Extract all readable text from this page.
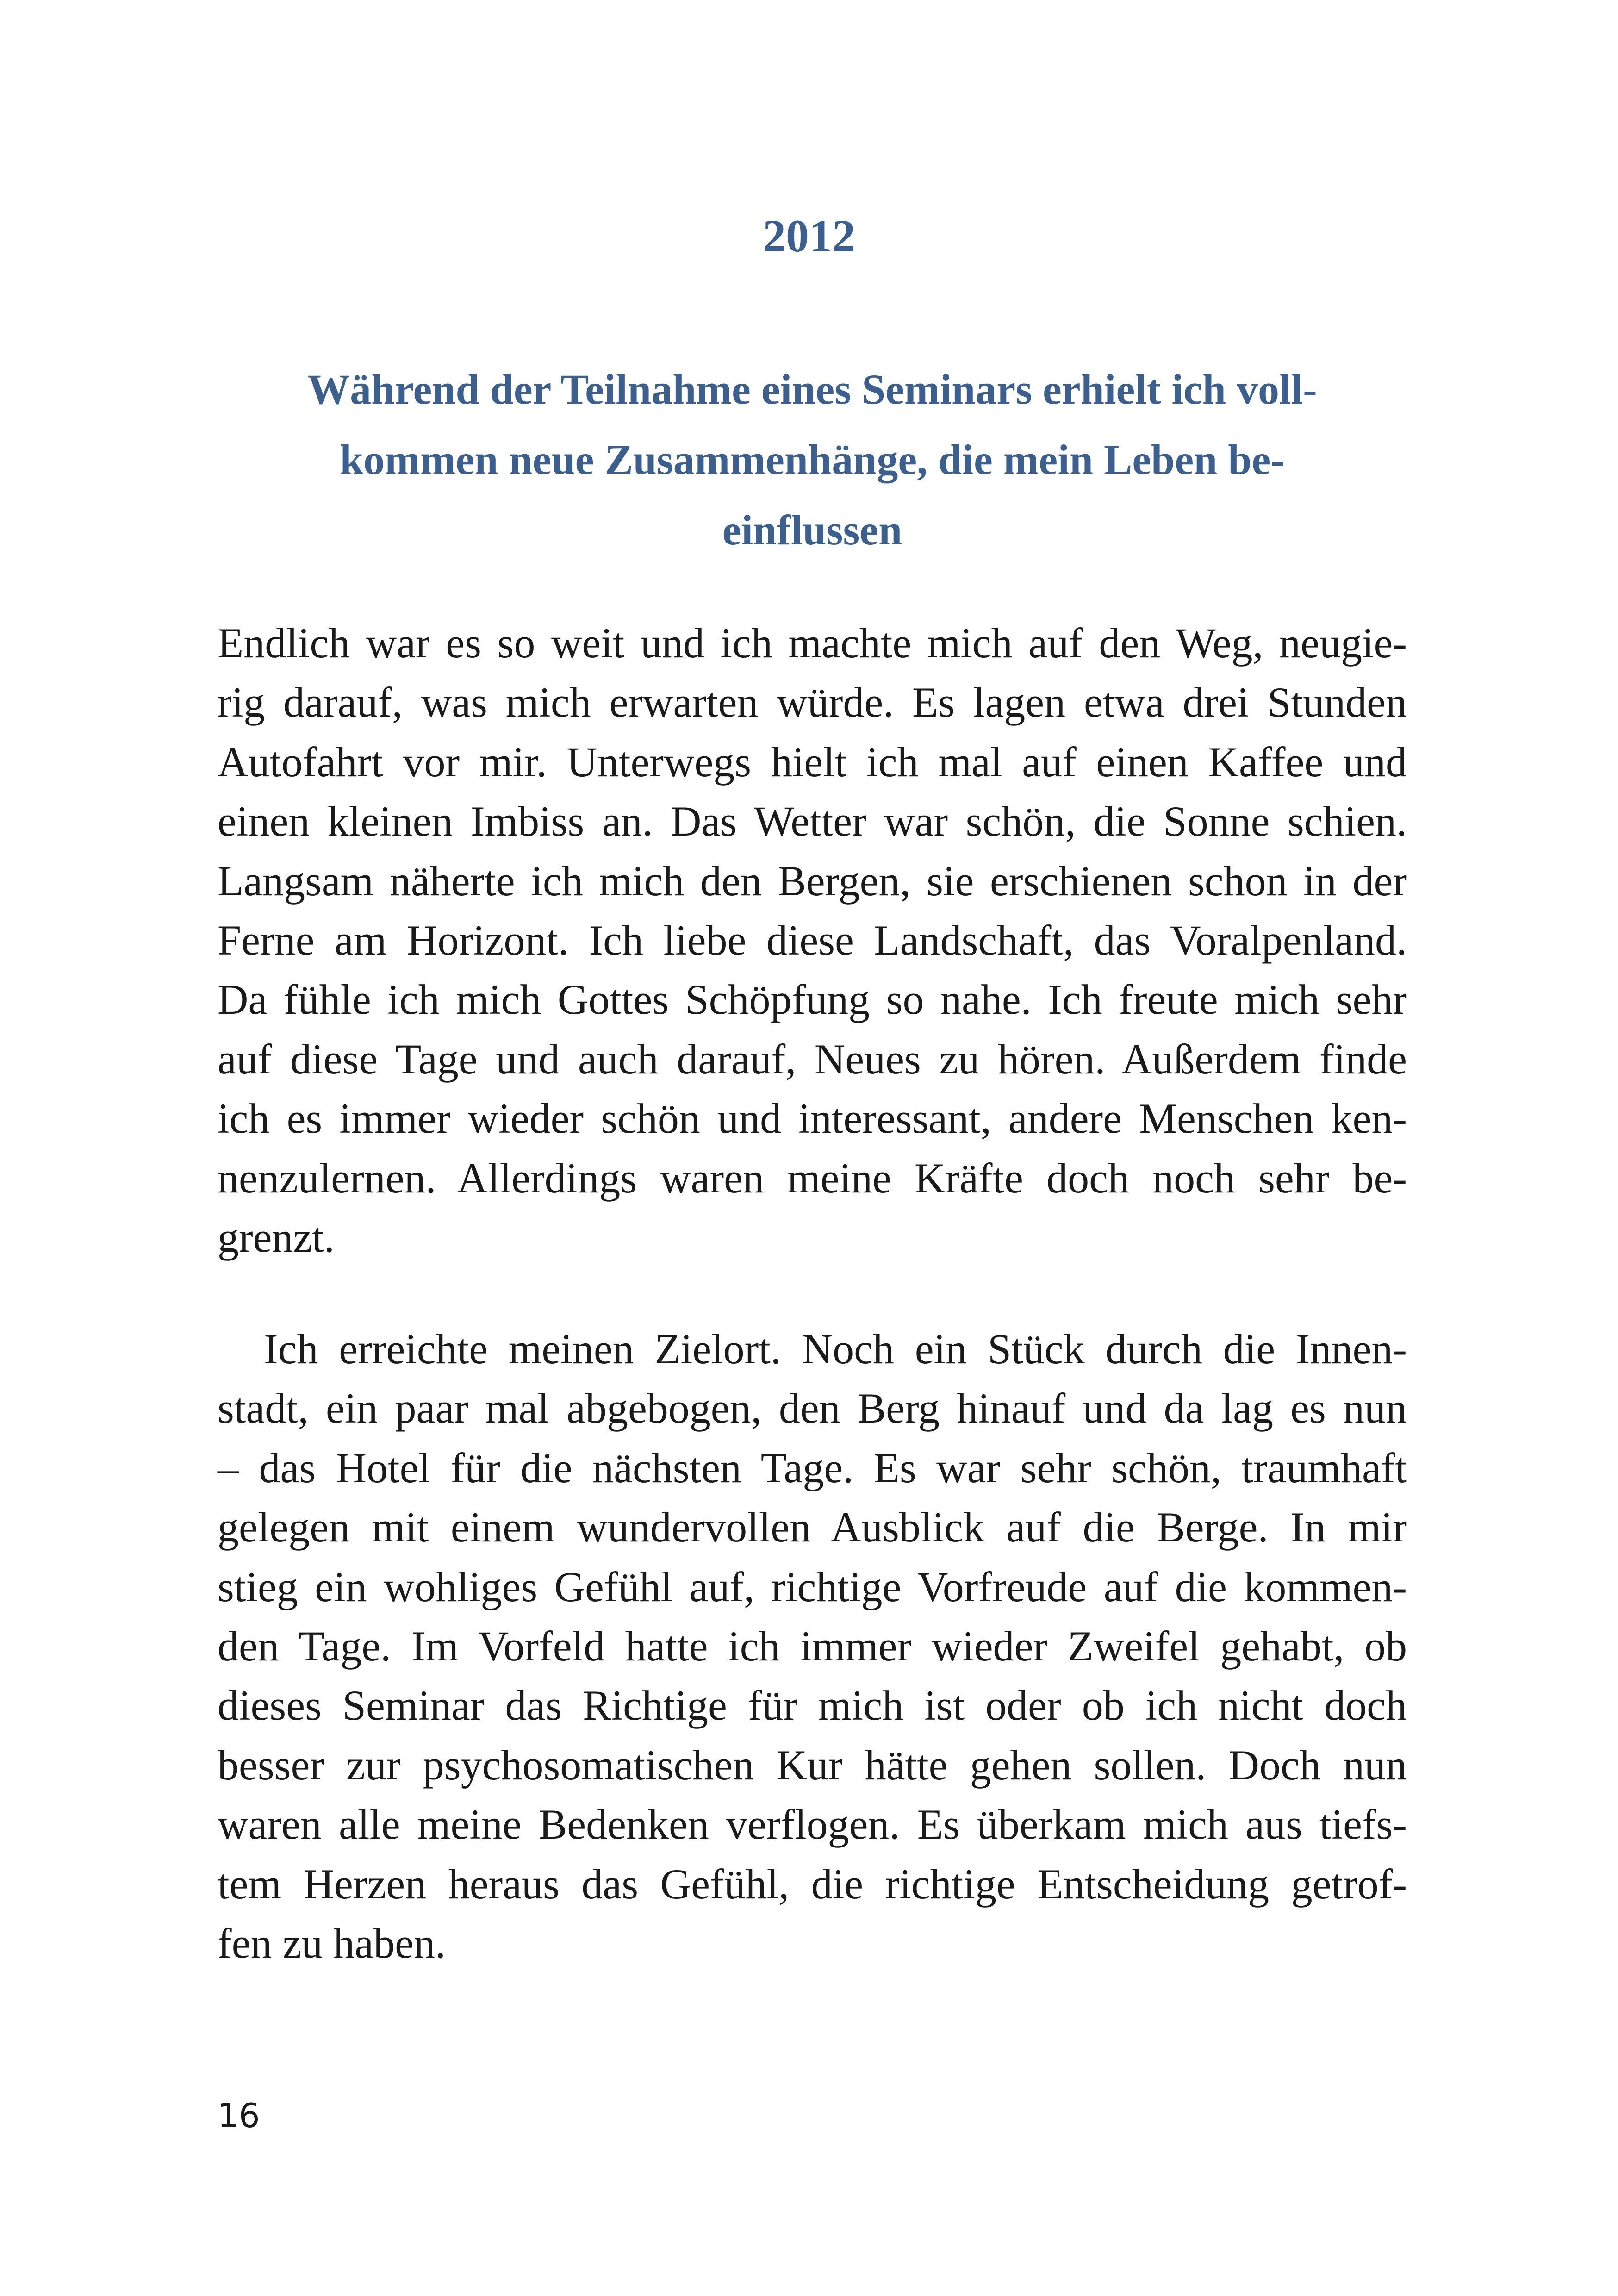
2012
Während der Teilnahme eines Seminars erhielt ich voll-
kommen neue Zusammenhänge, die mein Leben be-
einflussen
Endlich war es so weit und ich machte mich auf den Weg, neugie-
rig darauf, was mich erwarten würde. Es lagen etwa drei Stunden
Autofahrt vor mir. Unterwegs hielt ich mal auf einen Kaffee und
einen kleinen Imbiss an. Das Wetter war schön, die Sonne schien.
Langsam näherte ich mich den Bergen, sie erschienen schon in der
Ferne am Horizont. Ich liebe diese Landschaft, das Voralpenland.
Da fühle ich mich Gottes Schöpfung so nahe. Ich freute mich sehr
auf diese Tage und auch darauf, Neues zu hören. Außerdem finde
ich es immer wieder schön und interessant, andere Menschen ken-
nenzulernen. Allerdings waren meine Kräfte doch noch sehr be-
grenzt.
Ich erreichte meinen Zielort. Noch ein Stück durch die Innen-
stadt, ein paar mal abgebogen, den Berg hinauf und da lag es nun
– das Hotel für die nächsten Tage. Es war sehr schön, traumhaft
gelegen mit einem wundervollen Ausblick auf die Berge. In mir
stieg ein wohliges Gefühl auf, richtige Vorfreude auf die kommen-
den Tage. Im Vorfeld hatte ich immer wieder Zweifel gehabt, ob
dieses Seminar das Richtige für mich ist oder ob ich nicht doch
besser zur psychosomatischen Kur hätte gehen sollen. Doch nun
waren alle meine Bedenken verflogen. Es überkam mich aus tiefs-
tem Herzen heraus das Gefühl, die richtige Entscheidung getrof-
fen zu haben.
16
